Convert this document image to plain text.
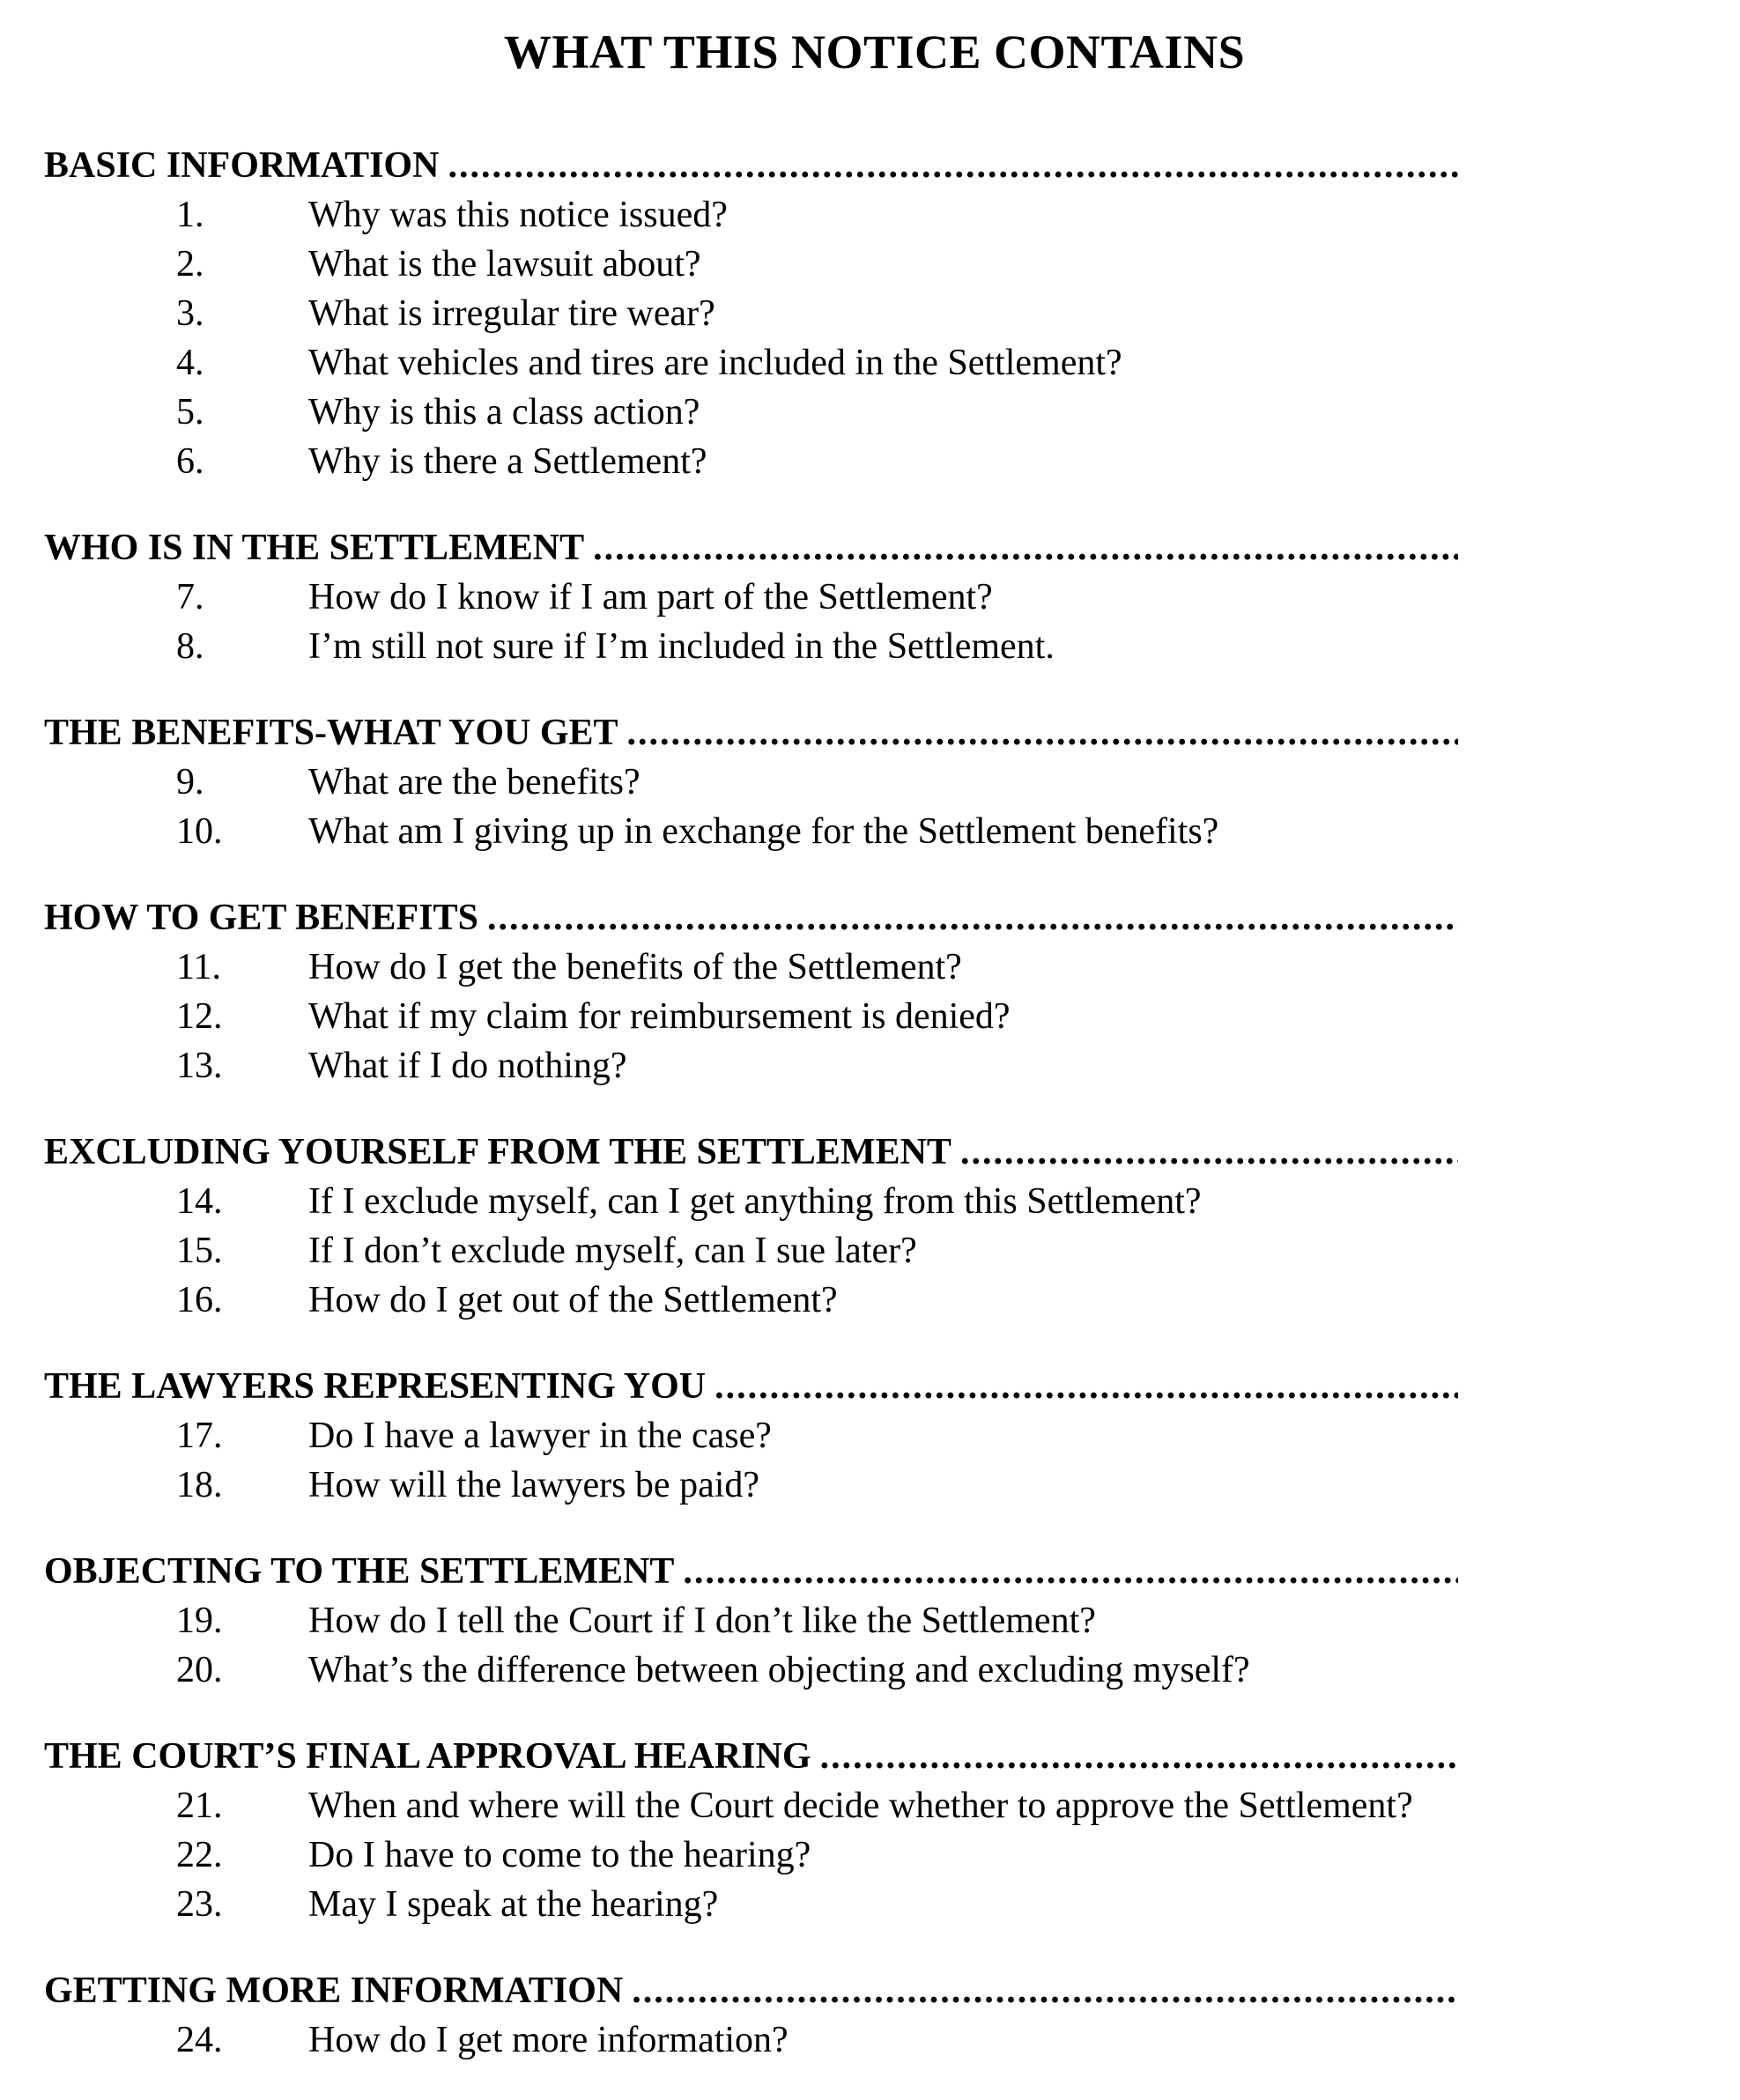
WHAT THIS NOTICE CONTAINS
BASIC INFORMATION
.....
1.	Why was this notice issued?
2.	What is the lawsuit about?
3.	What is irregular tire wear?
4.	What vehicles and tires are included in the Settlement?
5.	Why is this a class action?
6.	Why is there a Settlement?
WHO IS IN THE SETTLEMENT
.....
7.	How do I know if I am part of the Settlement?
8.	I’m still not sure if I’m included in the Settlement.
THE BENEFITS-WHAT YOU GET
.....
9.	What are the benefits?
10.	What am I giving up in exchange for the Settlement benefits?
HOW TO GET BENEFITS
.....
11.	How do I get the benefits of the Settlement?
12.	What if my claim for reimbursement is denied?
13.	What if I do nothing?
EXCLUDING YOURSELF FROM THE SETTLEMENT
.....
14.	If I exclude myself, can I get anything from this Settlement?
15.	If I don’t exclude myself, can I sue later?
16.	How do I get out of the Settlement?
THE LAWYERS REPRESENTING YOU
.....
17.	Do I have a lawyer in the case?
18.	How will the lawyers be paid?
OBJECTING TO THE SETTLEMENT
.....
19.	How do I tell the Court if I don’t like the Settlement?
20.	What’s the difference between objecting and excluding myself?
THE COURT’S FINAL APPROVAL HEARING
.....
21.	When and where will the Court decide whether to approve the Settlement?
22.	Do I have to come to the hearing?
23.	May I speak at the hearing?
GETTING MORE INFORMATION
.....
24.	How do I get more information?
